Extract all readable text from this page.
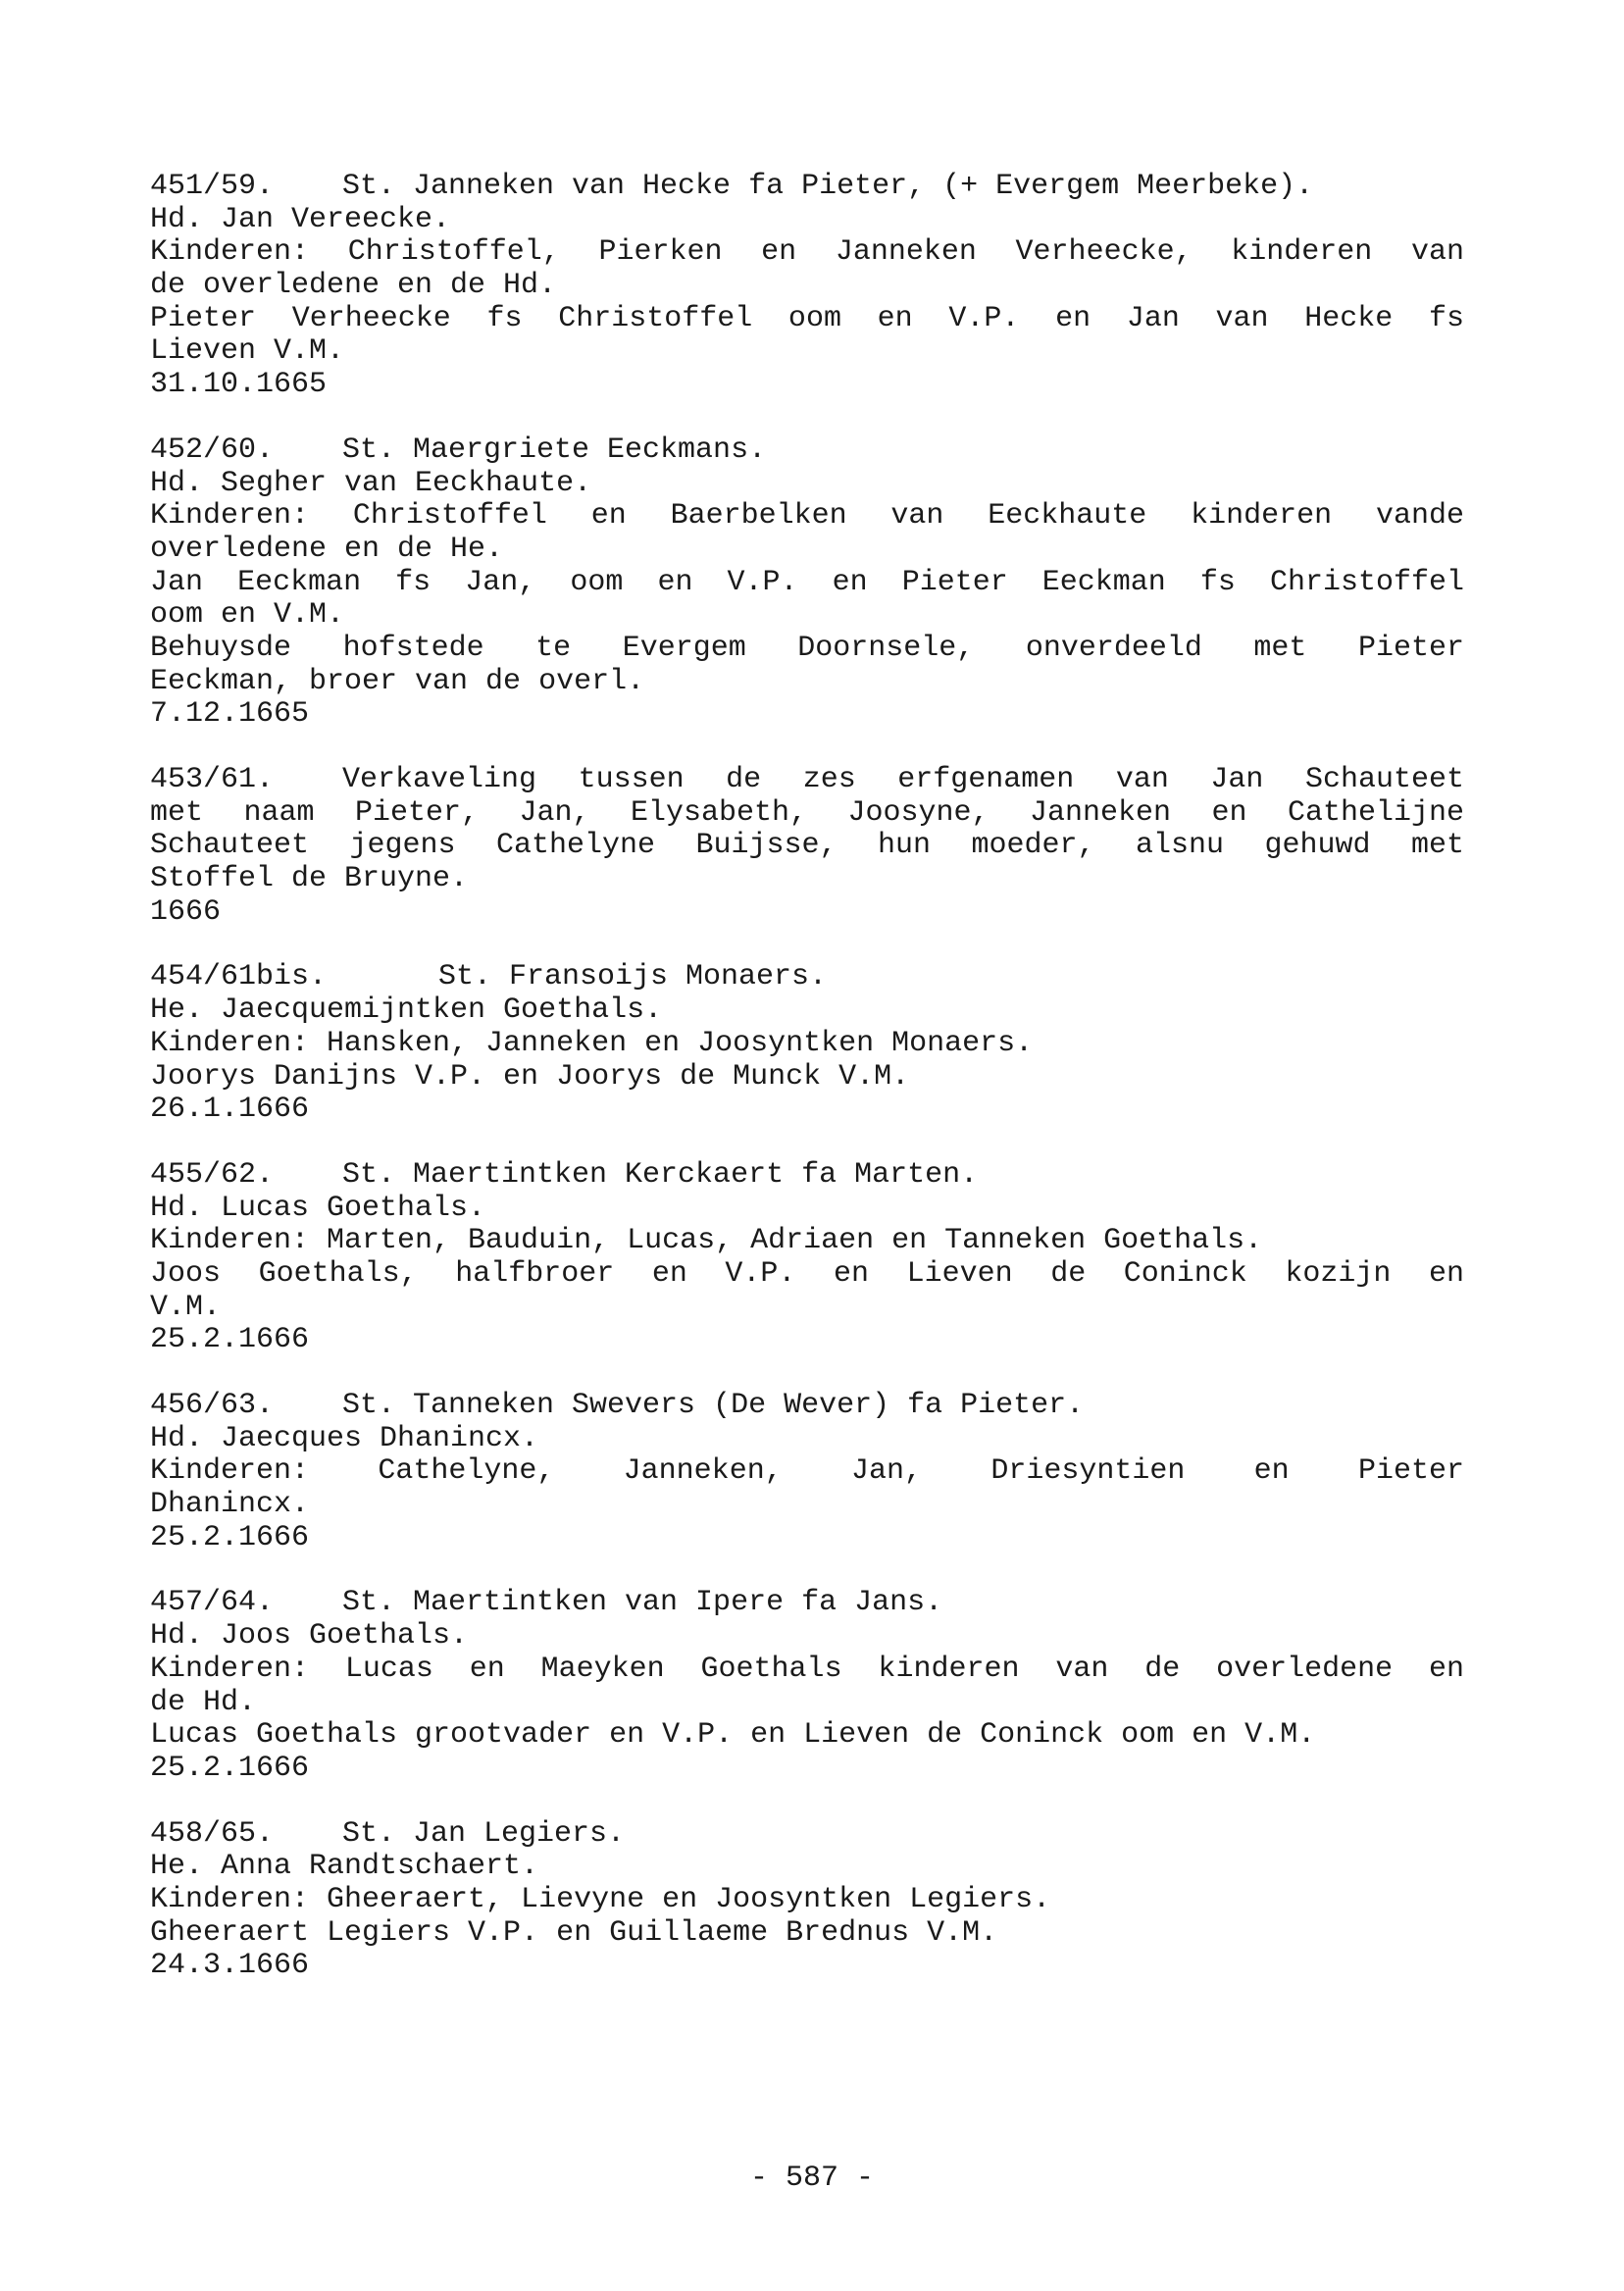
451/59. St. Janneken van Hecke fa Pieter, (+ Evergem Meerbeke).
Hd. Jan Vereecke.
Kinderen: Christoffel, Pierken en Janneken Verheecke, kinderen van
de overledene en de Hd.
Pieter Verheecke fs Christoffel oom en V.P. en Jan van Hecke fs
Lieven V.M.
31.10.1665
452/60. St. Maergriete Eeckmans.
Hd. Segher van Eeckhaute.
Kinderen: Christoffel en Baerbelken van Eeckhaute kinderen vande
overledene en de He.
Jan Eeckman fs Jan, oom en V.P. en Pieter Eeckman fs Christoffel
oom en V.M.
Behuysde hofstede te Evergem Doornsele, onverdeeld met Pieter
Eeckman, broer van de overl.
7.12.1665
453/61. Verkaveling tussen de zes erfgenamen van Jan Schauteet
met naam Pieter, Jan, Elysabeth, Joosyne, Janneken en Cathelijne
Schauteet jegens Cathelyne Buijsse, hun moeder, alsnu gehuwd met
Stoffel de Bruyne.
1666
454/61bis.	St. Fransoijs Monaers.
He. Jaecquemijntken Goethals.
Kinderen: Hansken, Janneken en Joosyntken Monaers.
Joorys Danijns V.P. en Joorys de Munck V.M.
26.1.1666
455/62. St. Maertintken Kerckaert fa Marten.
Hd. Lucas Goethals.
Kinderen: Marten, Bauduin, Lucas, Adriaen en Tanneken Goethals.
Joos Goethals, halfbroer en V.P. en Lieven de Coninck kozijn en
V.M.
25.2.1666
456/63. St. Tanneken Swevers (De Wever) fa Pieter.
Hd. Jaecques Dhanincx.
Kinderen: Cathelyne, Janneken, Jan, Driesyntien en Pieter
Dhanincx.
25.2.1666
457/64. St. Maertintken van Ipere fa Jans.
Hd. Joos Goethals.
Kinderen: Lucas en Maeyken Goethals kinderen van de overledene en
de Hd.
Lucas Goethals grootvader en V.P. en Lieven de Coninck oom en V.M.
25.2.1666
458/65. St. Jan Legiers.
He. Anna Randtschaert.
Kinderen: Gheeraert, Lievyne en Joosyntken Legiers.
Gheeraert Legiers V.P. en Guillaeme Brednus V.M.
24.3.1666
- 587 -
